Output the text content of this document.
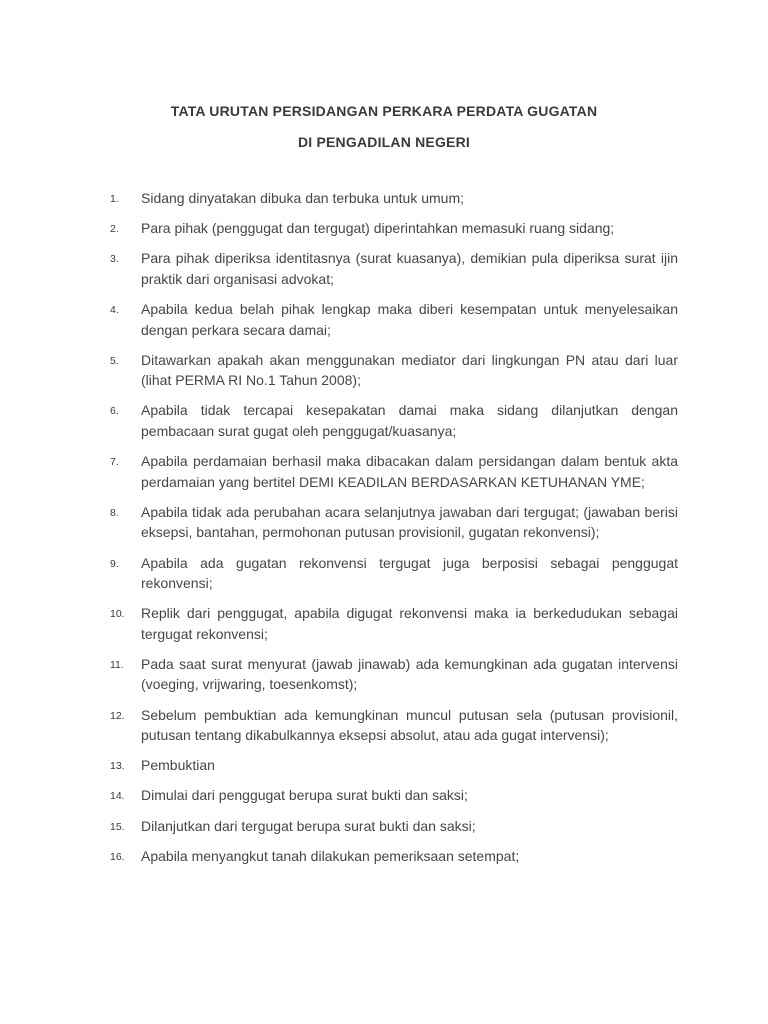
TATA URUTAN PERSIDANGAN PERKARA PERDATA GUGATAN
DI PENGADILAN NEGERI
1.	Sidang dinyatakan dibuka dan terbuka untuk umum;
2.	Para pihak (penggugat dan tergugat) diperintahkan memasuki ruang sidang;
3.	Para pihak diperiksa identitasnya (surat kuasanya), demikian pula diperiksa surat ijin praktik dari organisasi advokat;
4.	Apabila kedua belah pihak lengkap maka diberi kesempatan untuk menyelesaikan dengan perkara secara damai;
5.	Ditawarkan apakah akan menggunakan mediator dari lingkungan PN atau dari luar (lihat PERMA RI No.1 Tahun 2008);
6.	Apabila tidak tercapai kesepakatan damai maka sidang dilanjutkan dengan pembacaan surat gugat oleh penggugat/kuasanya;
7.	Apabila perdamaian berhasil maka dibacakan dalam persidangan dalam bentuk akta perdamaian yang bertitel DEMI KEADILAN BERDASARKAN KETUHANAN YME;
8.	Apabila tidak ada perubahan acara selanjutnya jawaban dari tergugat; (jawaban berisi eksepsi, bantahan, permohonan putusan provisionil, gugatan rekonvensi);
9.	Apabila ada gugatan rekonvensi tergugat juga berposisi sebagai penggugat rekonvensi;
10.	Replik dari penggugat, apabila digugat rekonvensi maka ia berkedudukan sebagai tergugat rekonvensi;
11.	Pada saat surat menyurat (jawab jinawab) ada kemungkinan ada gugatan intervensi (voeging, vrijwaring, toesenkomst);
12.	Sebelum pembuktian ada kemungkinan muncul putusan sela (putusan provisionil, putusan tentang dikabulkannya eksepsi absolut, atau ada gugat intervensi);
13.	Pembuktian
14.	Dimulai dari penggugat berupa surat bukti dan saksi;
15.	Dilanjutkan dari tergugat berupa surat bukti dan saksi;
16.	Apabila menyangkut tanah dilakukan pemeriksaan setempat;
